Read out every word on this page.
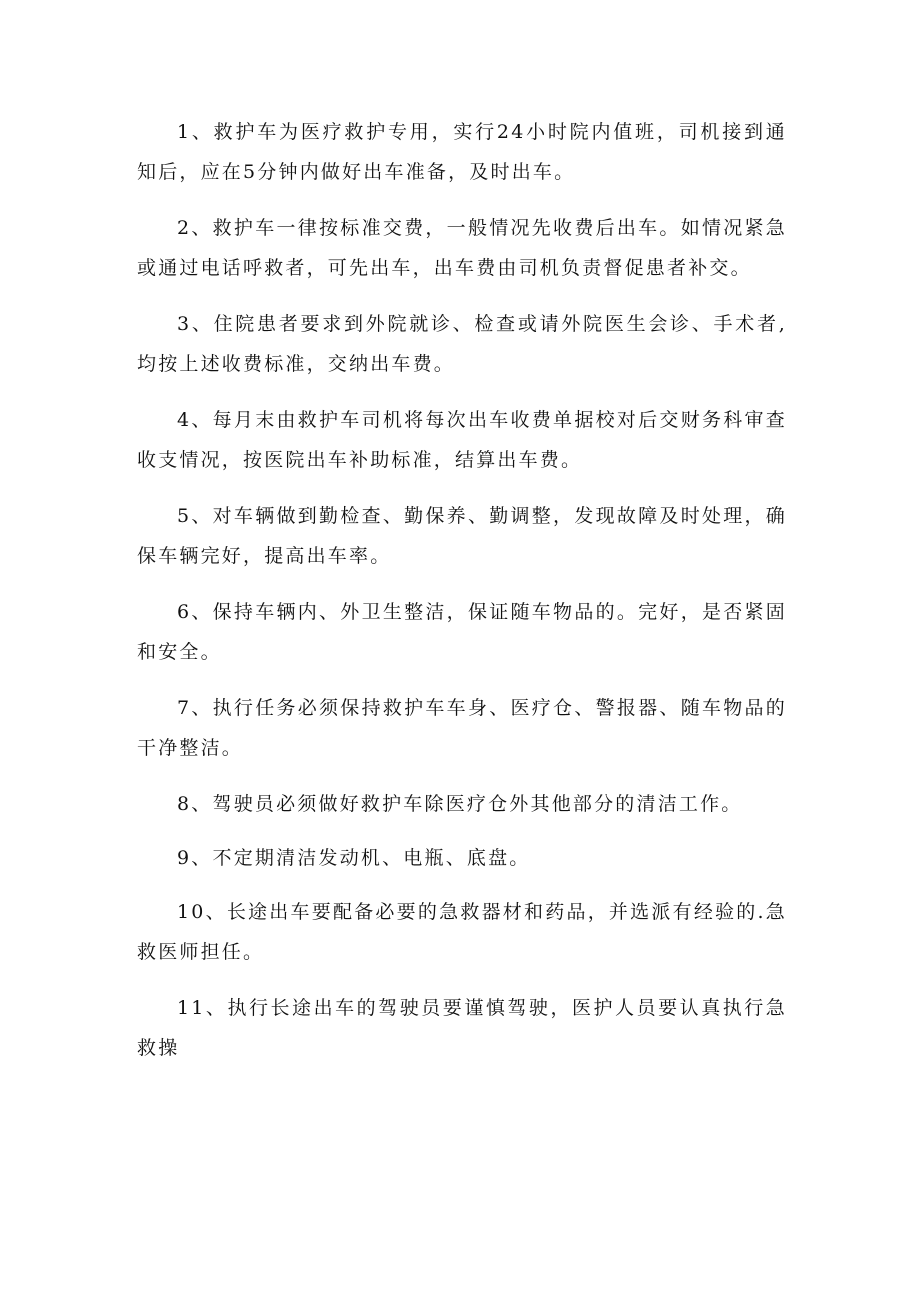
1、救护车为医疗救护专用，实行24小时院内值班，司机接到通知后，应在5分钟内做好出车准备，及时出车。

2、救护车一律按标准交费，一般情况先收费后出车。如情况紧急或通过电话呼救者，可先出车，出车费由司机负责督促患者补交。

3、住院患者要求到外院就诊、检查或请外院医生会诊、手术者,均按上述收费标准，交纳出车费。

4、每月末由救护车司机将每次出车收费单据校对后交财务科审查收支情况，按医院出车补助标准，结算出车费。

5、对车辆做到勤检查、勤保养、勤调整，发现故障及时处理，确保车辆完好，提高出车率。

6、保持车辆内、外卫生整洁，保证随车物品的。完好，是否紧固和安全。

7、执行任务必须保持救护车车身、医疗仓、警报器、随车物品的干净整洁。

8、驾驶员必须做好救护车除医疗仓外其他部分的清洁工作。

9、不定期清洁发动机、电瓶、底盘。

10、长途出车要配备必要的急救器材和药品，并选派有经验的.急救医师担任。

11、执行长途出车的驾驶员要谨慎驾驶，医护人员要认真执行急救操
